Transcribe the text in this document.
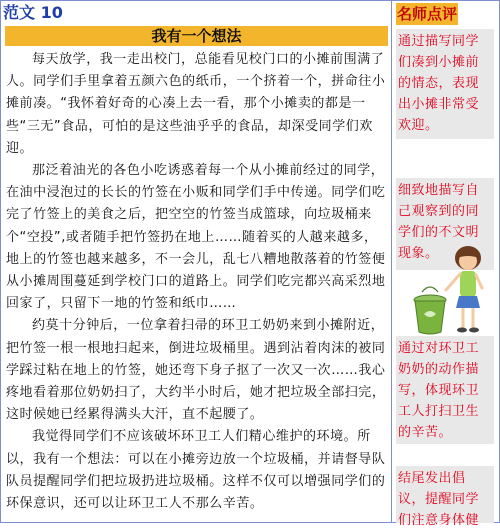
范文 10
我有一个想法

每天放学，我一走出校门，总能看见校门口的小摊前围满了人。同学们手里拿着五颜六色的纸币，一个挤着一个，拼命往小摊前凑。“我怀着好奇的心凑上去一看，那个小摊卖的都是一些“三无”食品，可怕的是这些油乎乎的食品，却深受同学们欢迎。

那泛着油光的各色小吃诱惑着每一个从小摊前经过的同学，在油中浸泡过的长长的竹签在小贩和同学们手中传递。同学们吃完了竹签上的美食之后，把空空的竹签当成篮球，向垃圾桶来个“空投”,或者随手把竹签扔在地上……随着买的人越来越多，地上的竹签也越来越多，不一会儿，乱七八糟地散落着的竹签便从小摊周围蔓延到学校门口的道路上。同学们吃完都兴高采烈地回家了，只留下一地的竹签和纸巾……

约莫十分钟后，一位拿着扫帚的环卫工奶奶来到小摊附近，把竹签一根一根地扫起来，倒进垃圾桶里。遇到沾着肉沫的被同学踩过粘在地上的竹签，她还弯下身子抠了一次又一次……我心疼地看着那位奶奶扫了，大约半小时后，她才把垃圾全部扫完，这时候她已经累得满头大汗，直不起腰了。

我觉得同学们不应该破坏环卫工人们精心维护的环境。所以，我有一个想法：可以在小摊旁边放一个垃圾桶，并请督导队队员提醒同学们把垃圾扔进垃圾桶。这样不仅可以增强同学们的环保意识，还可以让环卫工人不那么辛苦。

名师点评
通过描写同学们凑到小摊前的情态，表现出小摊非常受欢迎。
细致地描写自己观察到的同学们的不文明现象。
通过对环卫工奶奶的动作描写，体现环卫工人打扫卫生的辛苦。
结尾发出倡议，提醒同学们注意身体健
